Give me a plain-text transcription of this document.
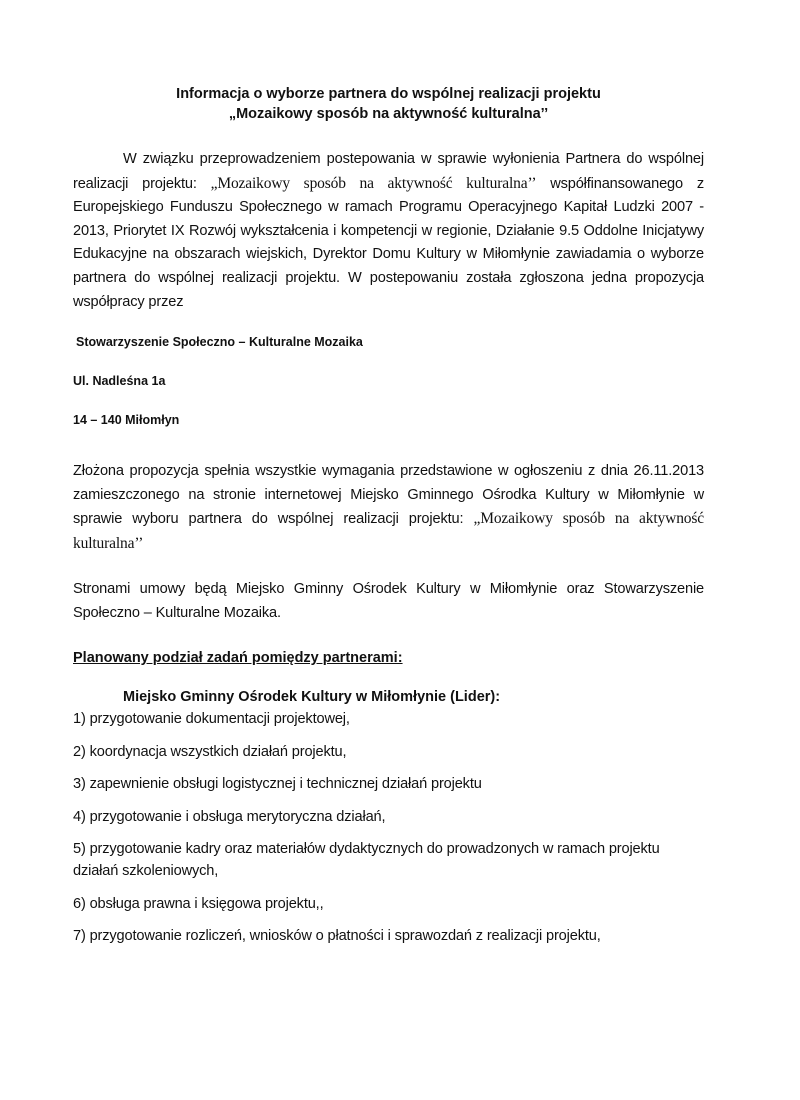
Informacja o wyborze partnera do wspólnej realizacji projektu
„Mozaikowy sposób na aktywność kulturalna’’

W związku przeprowadzeniem postepowania w sprawie wyłonienia Partnera do wspólnej realizacji projektu: „Mozaikowy sposób na aktywność kulturalna’’ współfinansowanego z Europejskiego Funduszu Społecznego w ramach Programu Operacyjnego Kapitał Ludzki 2007 - 2013, Priorytet IX Rozwój wykształcenia i kompetencji w regionie, Działanie 9.5 Oddolne Inicjatywy Edukacyjne na obszarach wiejskich, Dyrektor Domu Kultury w Miłomłynie zawiadamia o wyborze partnera do wspólnej realizacji projektu. W postepowaniu została zgłoszona jedna propozycja współpracy przez

Stowarzyszenie Społeczno – Kulturalne Mozaika
Ul. Nadleśna 1a
14 – 140 Miłomłyn

Złożona propozycja spełnia wszystkie wymagania przedstawione w ogłoszeniu z dnia 26.11.2013 zamieszczonego na stronie internetowej Miejsko Gminnego Ośrodka Kultury w Miłomłynie w sprawie wyboru partnera do wspólnej realizacji projektu: „Mozaikowy sposób na aktywność kulturalna’’

Stronami umowy będą Miejsko Gminny Ośrodek Kultury w Miłomłynie oraz Stowarzyszenie Społeczno – Kulturalne Mozaika.

Planowany podział zadań pomiędzy partnerami:
Miejsko Gminny Ośrodek Kultury w Miłomłynie (Lider):
1) przygotowanie dokumentacji projektowej,
2) koordynacja wszystkich działań projektu,
3) zapewnienie obsługi logistycznej i technicznej działań projektu
4) przygotowanie i obsługa merytoryczna działań,
5) przygotowanie kadry oraz materiałów dydaktycznych do prowadzonych w ramach projektu działań szkoleniowych,
6) obsługa prawna i księgowa projektu,,
7) przygotowanie rozliczeń, wniosków o płatności i sprawozdań z realizacji projektu,
